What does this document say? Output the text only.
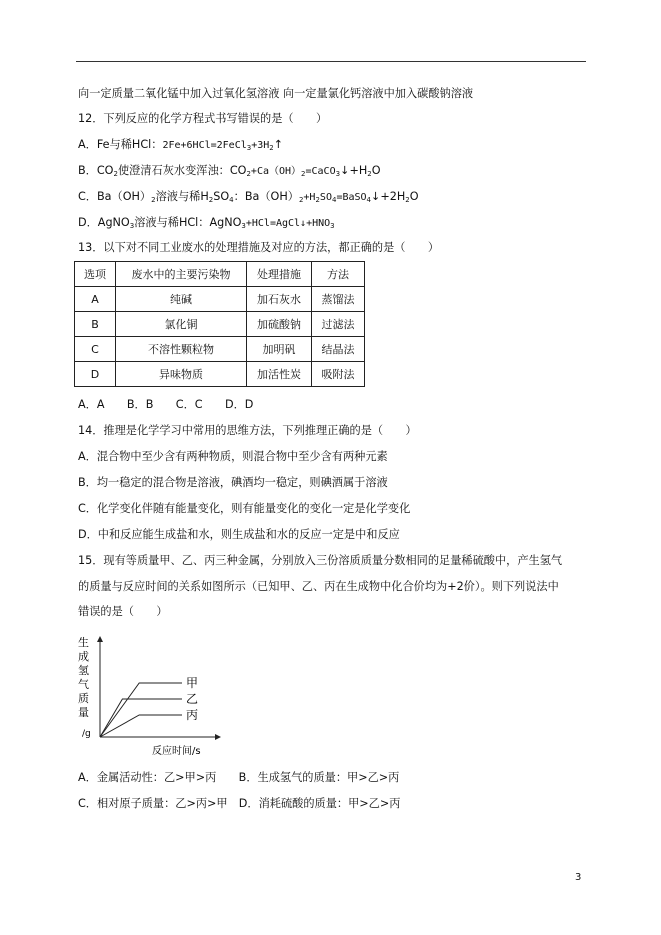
向一定质量二氧化锰中加入过氧化氢溶液 向一定量氯化钙溶液中加入碳酸钠溶液
12．下列反应的化学方程式书写错误的是（　　）
A．Fe与稀HCl：$2Fe+6HCl=2FeCl_3+3H_2↑$
B．$CO_2$使澄清石灰水变浑浊：$CO_2+Ca(OH)_2=CaCO_3↓+H_2O$
C．$Ba(OH)_2$溶液与稀$H_2SO_4$：$Ba(OH)_2+H_2SO_4=BaSO_4↓+2H_2O$
D．AgNO$_3$溶液与稀HCl：$AgNO_3+HCl=AgCl↓+HNO_3$
13．以下对不同工业废水的处理措施及对应的方法，都正确的是（　　）
选项	废水中的主要污染物	处理措施	方法
A	纯碱	加石灰水	蒸馏法
B	氯化铜	加硫酸钠	过滤法
C	不溶性颗粒物	加明矾	结晶法
D	异味物质	加活性炭	吸附法
A．A　　B．B　　C．C　　D．D
14．推理是化学学习中常用的思维方法，下列推理正确的是（　　）
A．混合物中至少含有两种物质，则混合物中至少含有两种元素
B．均一稳定的混合物是溶液，碘酒均一稳定，则碘酒属于溶液
C．化学变化伴随有能量变化，则有能量变化的变化一定是化学变化
D．中和反应能生成盐和水，则生成盐和水的反应一定是中和反应
15．现有等质量甲、乙、丙三种金属，分别放入三份溶质质量分数相同的足量稀硫酸中，产生氢气
的质量与反应时间的关系如图所示（已知甲、乙、丙在生成物中化合价均为+2价）。则下列说法中
错误的是（　　）
生
成
氢
气
质
量
/g
反应时间/s
甲
乙
丙
A．金属活动性：乙>甲>丙　　B．生成氢气的质量：甲>乙>丙
C．相对原子质量：乙>丙>甲　D．消耗硫酸的质量：甲>乙>丙
3
